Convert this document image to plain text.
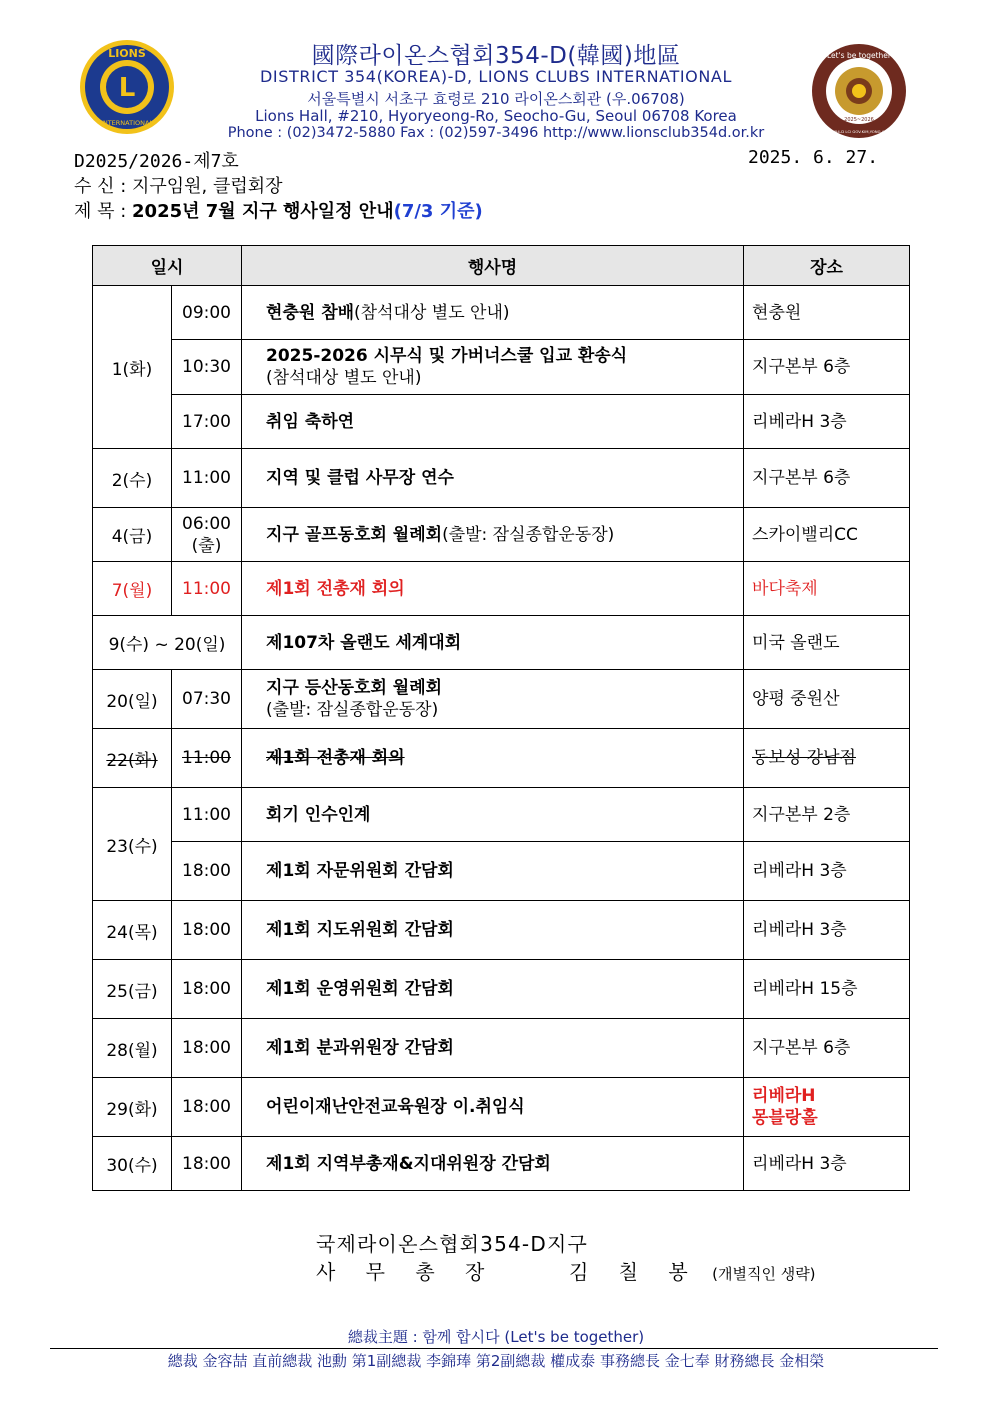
L
LIONS
INTERNATIONAL
Let's be together
2025~2026
DIST.354-D LCI GOV.KIM,YONG-CHEOL
國際라이온스협회354-D(韓國)地區
DISTRICT 354(KOREA)-D, LIONS CLUBS INTERNATIONAL
서울특별시 서초구 효령로 210 라이온스회관 (우.06708)
Lions Hall, #210, Hyoryeong-Ro, Seocho-Gu, Seoul 06708 Korea
Phone : (02)3472-5880 Fax : (02)597-3496 http://www.lionsclub354d.or.kr
D2025/2026-제7호	2025. 6. 27.
수 신 : 지구임원, 클럽회장
제 목 : 2025년 7월 지구 행사일정 안내(7/3 기준)
일시		행사명	장소
1(화)	09:00	현충원 참배(참석대상 별도 안내)	현충원
	10:30	2025-2026 시무식 및 가버너스쿨 입교 환송식
(참석대상 별도 안내)	지구본부 6층
	17:00	취임 축하연	리베라H 3층
2(수)	11:00	지역 및 클럽 사무장 연수	지구본부 6층
4(금)	06:00
(출)	지구 골프동호회 월례회(출발: 잠실종합운동장)	스카이밸리CC
7(월)	11:00	제1회 전총재 회의	바다축제
9(수) ~ 20(일)		제107차 올랜도 세계대회	미국 올랜도
20(일)	07:30	지구 등산동호회 월례회
(출발: 잠실종합운동장)	양평 중원산
22(화)	11:00	제1회 전총재 회의	동보성 강남점
23(수)	11:00	회기 인수인계	지구본부 2층
	18:00	제1회 자문위원회 간담회	리베라H 3층
24(목)	18:00	제1회 지도위원회 간담회	리베라H 3층
25(금)	18:00	제1회 운영위원회 간담회	리베라H 15층
28(월)	18:00	제1회 분과위원장 간담회	지구본부 6층
29(화)	18:00	어린이재난안전교육원장 이.취임식	리베라H
몽블랑홀

30(수)	18:00	제1회 지역부총재&지대위원장 간담회	리베라H 3층
국제라이온스협회354-D지구
사 무 총 장	김 칠 봉 (개별직인 생략)
總裁主題 : 함께 합시다 (Let's be together)
總裁 金容喆 直前總裁 池勳 第1副總裁 李錦琫 第2副總裁 權成泰 事務總長 金七奉 財務總長 金相榮
